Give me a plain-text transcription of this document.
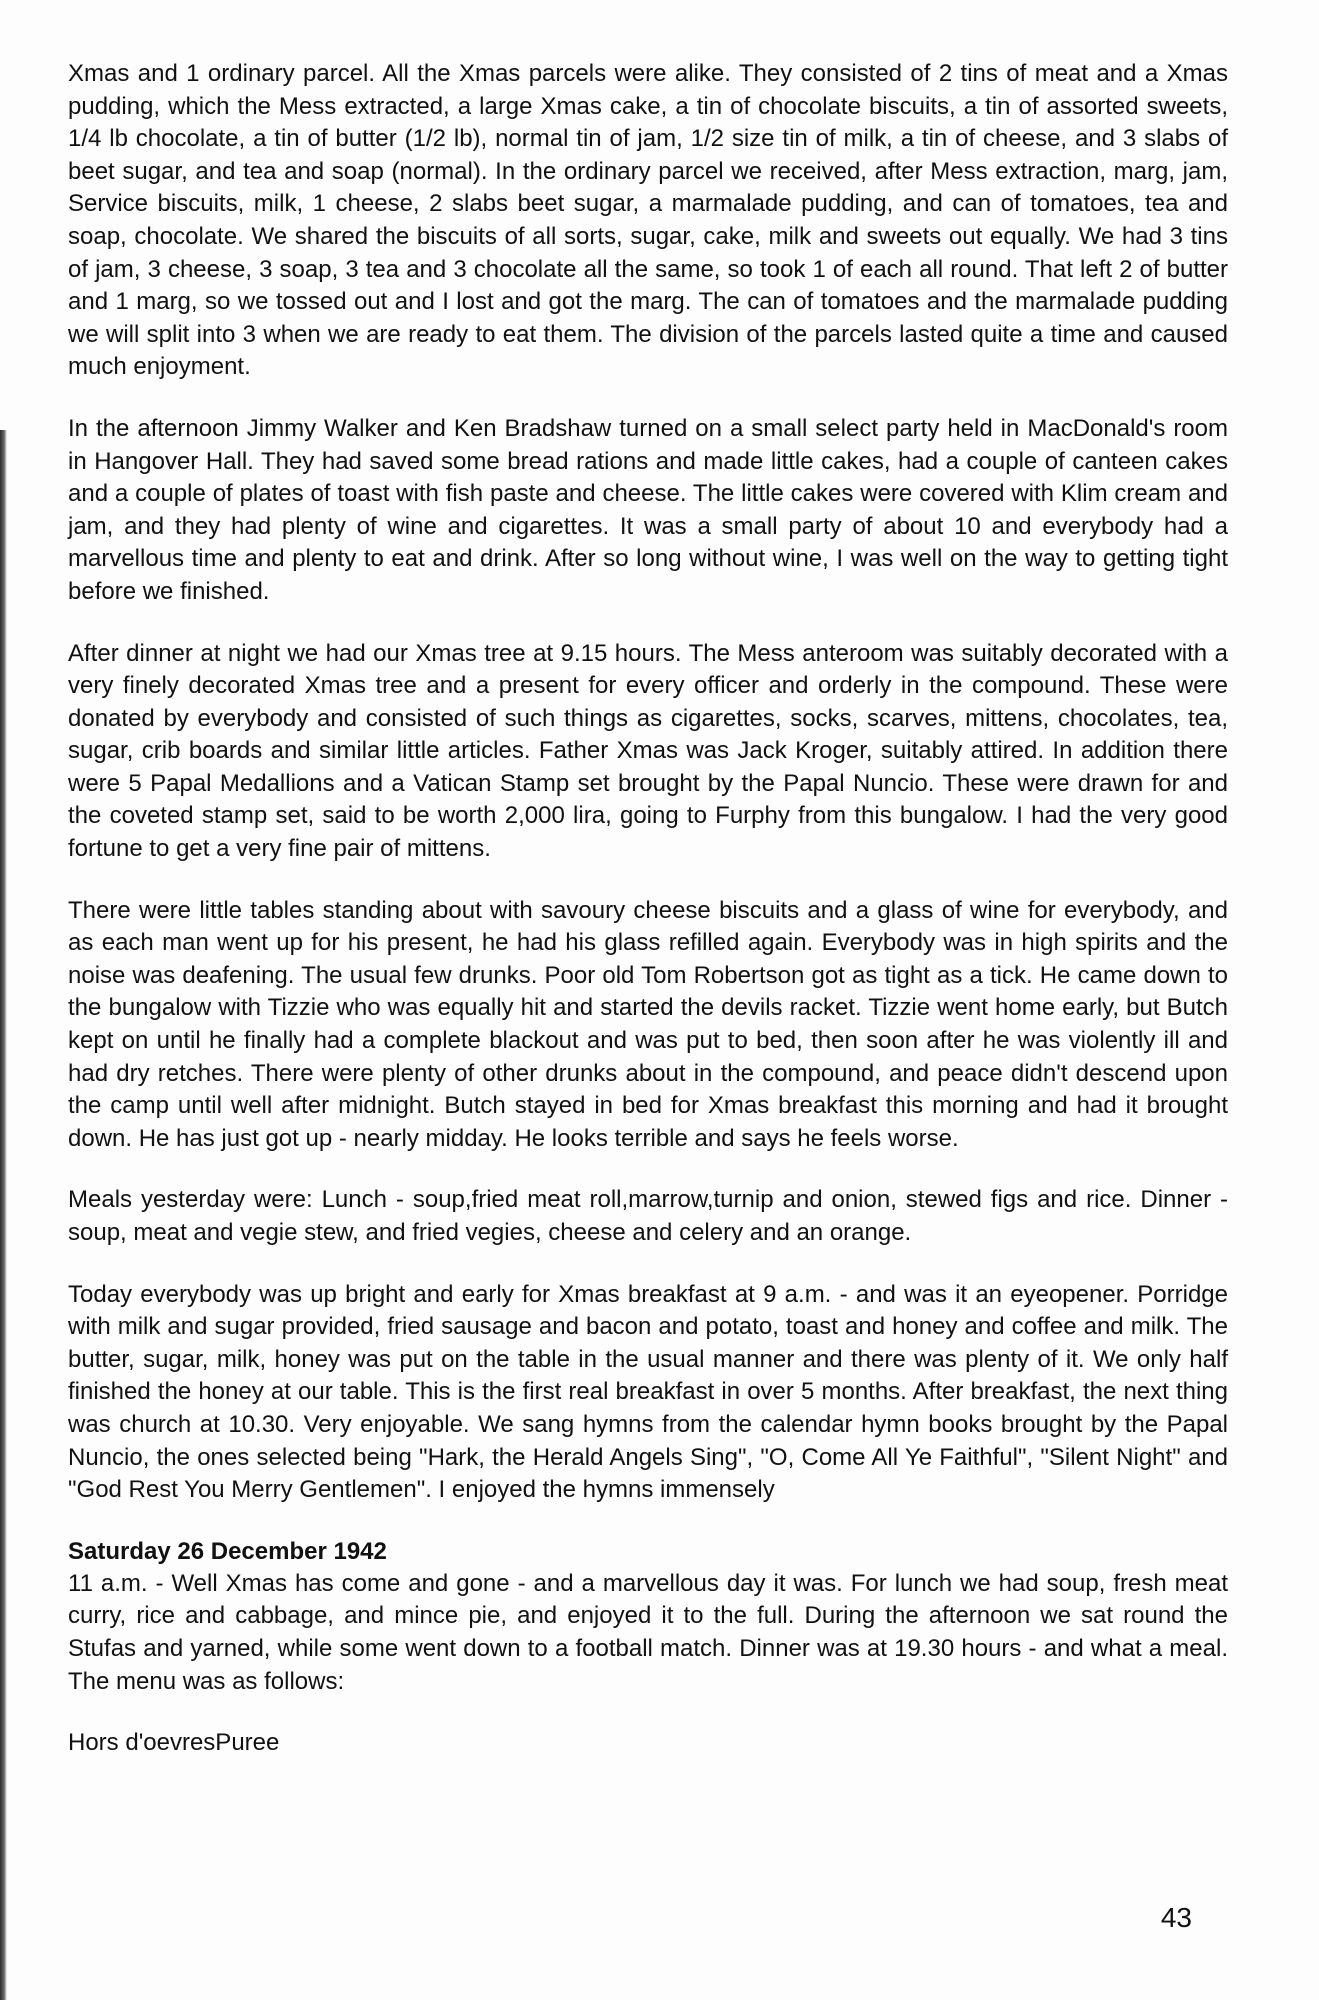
Xmas and 1 ordinary parcel. All the Xmas parcels were alike. They consisted of 2 tins of meat and a Xmas pudding, which the Mess extracted, a large Xmas cake, a tin of chocolate biscuits, a tin of assorted sweets, 1/4 lb chocolate, a tin of butter (1/2 lb), normal tin of jam, 1/2 size tin of milk, a tin of cheese, and 3 slabs of beet sugar, and tea and soap (normal). In the ordinary parcel we received, after Mess extraction, marg, jam, Service biscuits, milk, 1 cheese, 2 slabs beet sugar, a marmalade pudding, and can of tomatoes, tea and soap, chocolate. We shared the biscuits of all sorts, sugar, cake, milk and sweets out equally. We had 3 tins of jam, 3 cheese, 3 soap, 3 tea and 3 chocolate all the same, so took 1 of each all round. That left 2 of butter and 1 marg, so we tossed out and I lost and got the marg. The can of tomatoes and the marmalade pudding we will split into 3 when we are ready to eat them. The division of the parcels lasted quite a time and caused much enjoyment.

In the afternoon Jimmy Walker and Ken Bradshaw turned on a small select party held in MacDonald's room in Hangover Hall. They had saved some bread rations and made little cakes, had a couple of canteen cakes and a couple of plates of toast with fish paste and cheese. The little cakes were covered with Klim cream and jam, and they had plenty of wine and cigarettes. It was a small party of about 10 and everybody had a marvellous time and plenty to eat and drink. After so long without wine, I was well on the way to getting tight before we finished.

After dinner at night we had our Xmas tree at 9.15 hours. The Mess anteroom was suitably decorated with a very finely decorated Xmas tree and a present for every officer and orderly in the compound. These were donated by everybody and consisted of such things as cigarettes, socks, scarves, mittens, chocolates, tea, sugar, crib boards and similar little articles. Father Xmas was Jack Kroger, suitably attired. In addition there were 5 Papal Medallions and a Vatican Stamp set brought by the Papal Nuncio. These were drawn for and the coveted stamp set, said to be worth 2,000 lira, going to Furphy from this bungalow. I had the very good fortune to get a very fine pair of mittens.

There were little tables standing about with savoury cheese biscuits and a glass of wine for everybody, and as each man went up for his present, he had his glass refilled again. Everybody was in high spirits and the noise was deafening. The usual few drunks. Poor old Tom Robertson got as tight as a tick. He came down to the bungalow with Tizzie who was equally hit and started the devils racket. Tizzie went home early, but Butch kept on until he finally had a complete blackout and was put to bed, then soon after he was violently ill and had dry retches. There were plenty of other drunks about in the compound, and peace didn't descend upon the camp until well after midnight. Butch stayed in bed for Xmas breakfast this morning and had it brought down. He has just got up - nearly midday. He looks terrible and says he feels worse.

Meals yesterday were: Lunch - soup,fried meat roll,marrow,turnip and onion, stewed figs and rice. Dinner - soup, meat and vegie stew, and fried vegies, cheese and celery and an orange.

Today everybody was up bright and early for Xmas breakfast at 9 a.m. - and was it an eyeopener. Porridge with milk and sugar provided, fried sausage and bacon and potato, toast and honey and coffee and milk. The butter, sugar, milk, honey was put on the table in the usual manner and there was plenty of it. We only half finished the honey at our table. This is the first real breakfast in over 5 months. After breakfast, the next thing was church at 10.30. Very enjoyable. We sang hymns from the calendar hymn books brought by the Papal Nuncio, the ones selected being "Hark, the Herald Angels Sing", "O, Come All Ye Faithful", "Silent Night" and "God Rest You Merry Gentlemen". I enjoyed the hymns immensely

Saturday 26 December 1942

11 a.m. - Well Xmas has come and gone - and a marvellous day it was. For lunch we had soup, fresh meat curry, rice and cabbage, and mince pie, and enjoyed it to the full. During the afternoon we sat round the Stufas and yarned, while some went down to a football match. Dinner was at 19.30 hours - and what a meal. The menu was as follows:

Hors d'oevresPuree

43
